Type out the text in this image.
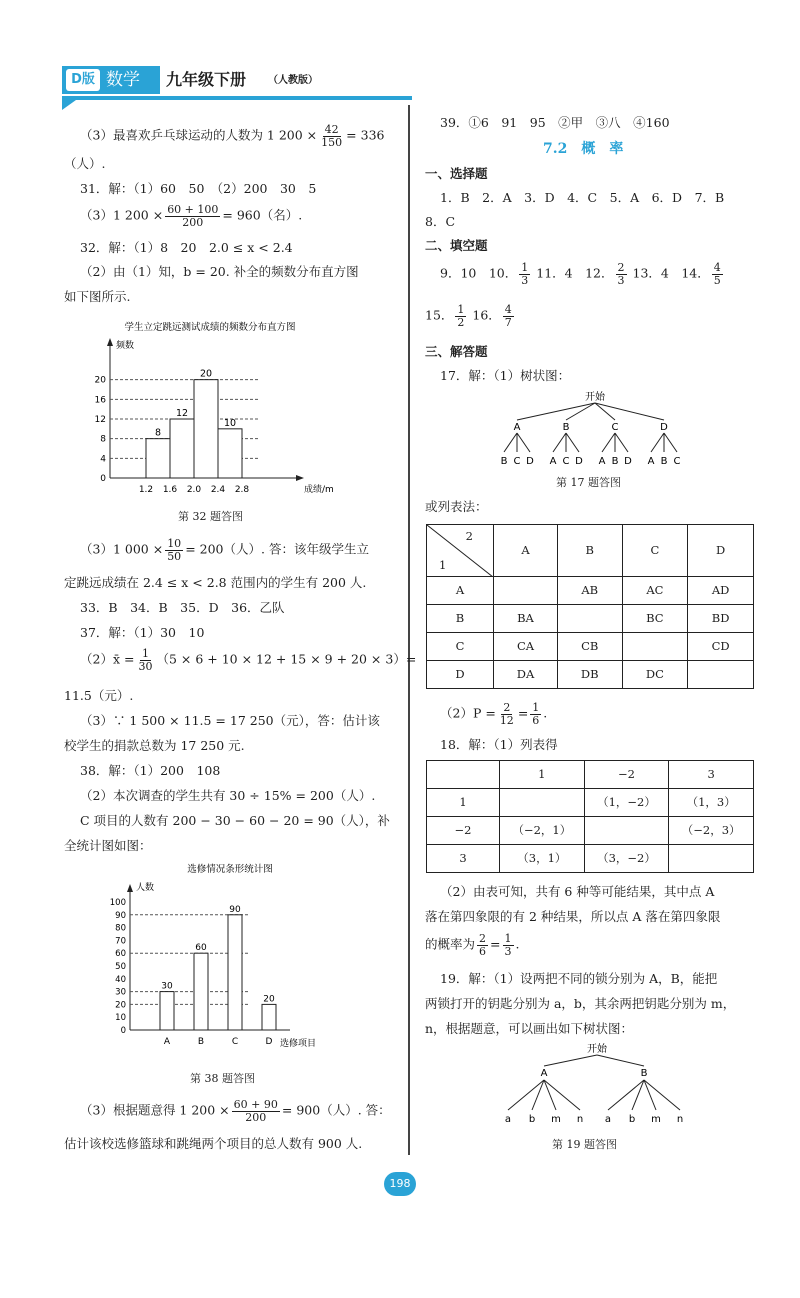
D版 数学 九年级下册 （人教版）
（3）最喜欢乒乓球运动的人数为 1 $200 \times \frac{42}{150} = 336$
（人）.
31．解：（1）60　50　（2）200　30　5
（3）1 $200 \times \frac{60 + 100}{200} = 960$（名）.
32．解：（1）8　20　2.0 ≤ x < 2.4
（2）由（1）知，b = 20. 补全的频数分布直方图
如下图所示.
学生立定跳远测试成绩的频数分布直方图
频数
成绩/m
0
4
8
12
16
20
1.2 1.6 2.0 2.4 2.8
8
12
20
10
第 32 题答图
（3）1 $000 \times \frac{10}{50} = 200$（人）. 答：该年级学生立
定跳远成绩在 2.4 ≤ x < 2.8 范围内的学生有 200 人.
33．B　34．B　35．D　36．乙队
37．解：（1）30　10
（2）x̄ = $\frac{1}{30} (5 \times 6 + 10 \times 12 + 15 \times 9 + 20 \times 3)=$
11.5（元）.
（3）∵ 1 500 × 11.5 = 17 250（元），答：估计该
校学生的捐款总数为 17 250 元.
38．解：（1）200　108
（2）本次调查的学生共有 30 ÷ 15% = 200（人）.
C 项目的人数有 200 − 30 − 60 − 20 = 90（人），补
全统计图如图：
选修情况条形统计图
人数
选修项目
0
10
20
30
40
50
60
70
80
90
100
30
A
60
B
90
C
20
D
第 38 题答图
（3）根据题意得 1 $200 \times \frac{60 + 90}{200} = 900$（人）. 答：
估计该校选修篮球和跳绳两个项目的总人数有 900 人.
39．①6　91　95　②甲　③八　④160
7.2　概　率
一、选择题
1．B　2．A　3．D　4．C　5．A　6．D　7．B
8．C
二、填空题
9．10　10． $\frac{1}{3} 11$．4　12． $\frac{2}{3} 13$．4　14． $\frac{4}{5}$
15． $\frac{1}{2} 16$． $\frac{4}{7}$
三、解答题
17．解：（1）树状图：
开始
A
B C D
B
A C D
C
A B D
D
A B C
第 17 题答图
或列表法：
2
1	A	B	C	D
A		AB	AC	AD
B	BA		BC	BD
C	CA	CB		CD
D	DA	DB	DC	
$(2)P = \frac{2}{12} = \frac{1}{6}$ .
18．解：（1）列表得
	1	−2	3
1		（1，−2）	（1，3）
−2	（−2，1）		（−2，3）
3	（3，1）	（3，−2）	
（2）由表可知，共有 6 种等可能结果，其中点 A
落在第四象限的有 2 种结果，所以点 A 落在第四象限
的概率为 $\frac{2}{6} = \frac{1}{3}$ .
19．解：（1）设两把不同的锁分别为 A，B，能把
两锁打开的钥匙分别为 a，b，其余两把钥匙分别为 m，
n，根据题意，可以画出如下树状图：
开始
A
a b m n
B
a b m n
第 19 题答图
198
